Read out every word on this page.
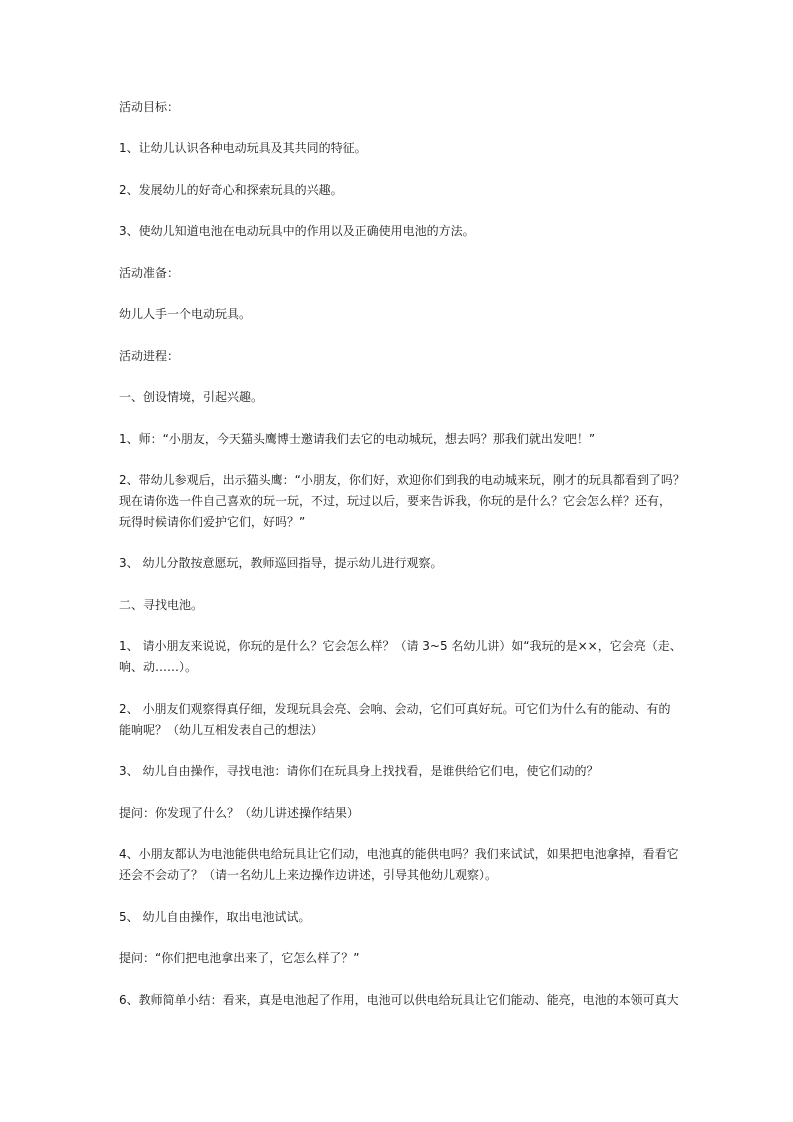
活动目标：

1、让幼儿认识各种电动玩具及其共同的特征。

2、发展幼儿的好奇心和探索玩具的兴趣。

3、使幼儿知道电池在电动玩具中的作用以及正确使用电池的方法。

活动准备：

幼儿人手一个电动玩具。

活动进程：

一、创设情境，引起兴趣。

1、师：“小朋友，今天猫头鹰博士邀请我们去它的电动城玩，想去吗？那我们就出发吧！”

2、带幼儿参观后，出示猫头鹰：“小朋友，你们好，欢迎你们到我的电动城来玩，刚才的玩具都看到了吗？
现在请你选一件自己喜欢的玩一玩，不过，玩过以后，要来告诉我，你玩的是什么？它会怎么样？还有，
玩得时候请你们爱护它们，好吗？”

3、 幼儿分散按意愿玩，教师巡回指导，提示幼儿进行观察。

二、寻找电池。

1、 请小朋友来说说，你玩的是什么？它会怎么样？（请 3~5 名幼儿讲）如“我玩的是××，它会亮（走、
响、动……）。

2、 小朋友们观察得真仔细，发现玩具会亮、会响、会动，它们可真好玩。可它们为什么有的能动、有的
能响呢？（幼儿互相发表自己的想法）

3、 幼儿自由操作，寻找电池：请你们在玩具身上找找看，是谁供给它们电，使它们动的？

提问：你发现了什么？（幼儿讲述操作结果）

4、小朋友都认为电池能供电给玩具让它们动，电池真的能供电吗？我们来试试，如果把电池拿掉，看看它
还会不会动了？（请一名幼儿上来边操作边讲述，引导其他幼儿观察）。

5、 幼儿自由操作，取出电池试试。

提问：“你们把电池拿出来了，它怎么样了？”

6、教师简单小结：看来，真是电池起了作用，电池可以供电给玩具让它们能动、能亮，电池的本领可真大
